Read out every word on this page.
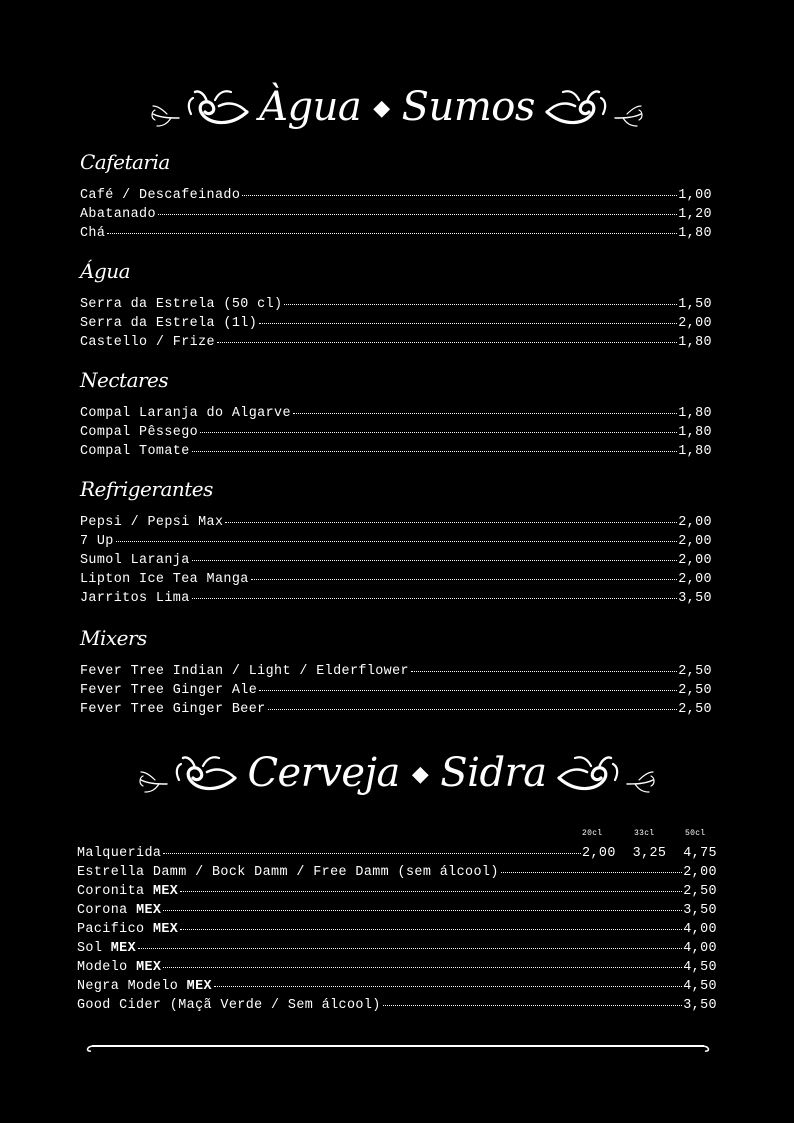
Àgua ◆ Sumos
Cafetaria
Café / Descafeinado	1,00
Abatanado	1,20
Chá	1,80
Água
Serra da Estrela (50 cl)	1,50
Serra da Estrela (1l)	2,00
Castello / Frize	1,80
Nectares
Compal Laranja do Algarve	1,80
Compal Pêssego	1,80
Compal Tomate	1,80
Refrigerantes
Pepsi / Pepsi Max	2,00
7 Up	2,00
Sumol Laranja	2,00
Lipton Ice Tea Manga	2,00
Jarritos Lima	3,50
Mixers
Fever Tree Indian / Light / Elderflower	2,50
Fever Tree Ginger Ale	2,50
Fever Tree Ginger Beer	2,50
Cerveja ◆ Sidra
20cl	33cl	50cl
Malquerida	2,00  3,25  4,75
Estrella Damm / Bock Damm / Free Damm (sem álcool)	2,00
Coronita MEX	2,50
Corona MEX	3,50
Pacifico MEX	4,00
Sol MEX	4,00
Modelo MEX	4,50
Negra Modelo MEX	4,50
Good Cider (Maçã Verde / Sem álcool)	3,50
